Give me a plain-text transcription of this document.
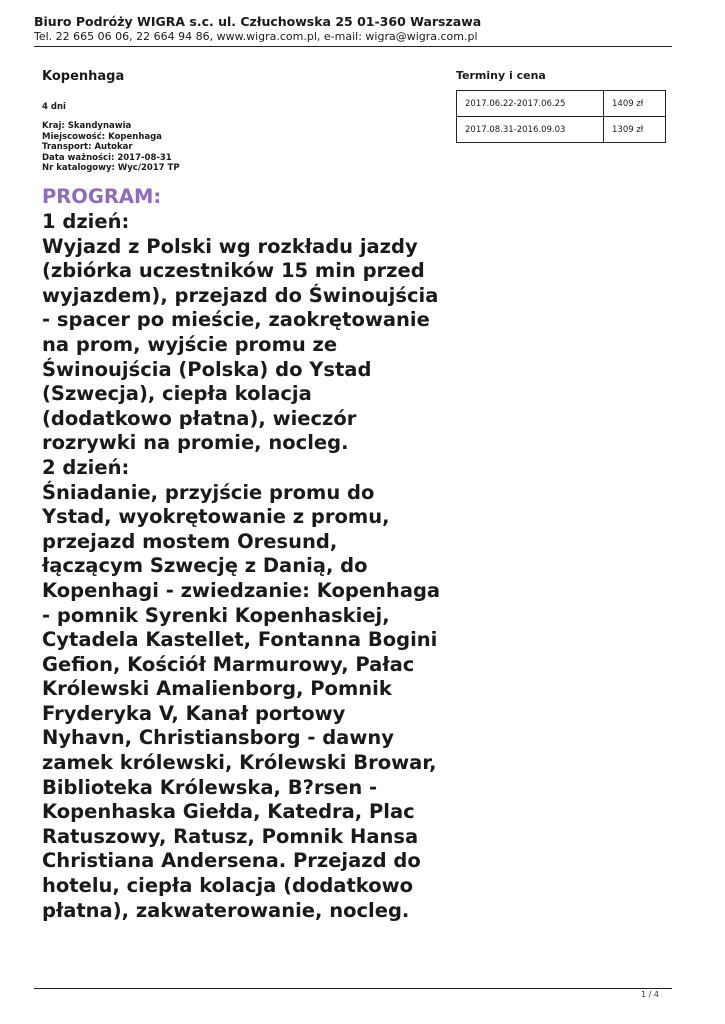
Biuro Podróży WIGRA s.c. ul. Człuchowska 25 01-360 Warszawa
Tel. 22 665 06 06, 22 664 94 86, www.wigra.com.pl, e-mail: wigra@wigra.com.pl
Kopenhaga
4 dni
Kraj: Skandynawia
Miejscowość: Kopenhaga
Transport: Autokar
Data ważności: 2017-08-31
Nr katalogowy: Wyc/2017 TP
Terminy i cena
2017.06.22-2017.06.25	1409 zł
2017.08.31-2016.09.03	1309 zł
PROGRAM:
1 dzień:
Wyjazd z Polski wg rozkładu jazdy
(zbiórka uczestników 15 min przed
wyjazdem), przejazd do Świnoujścia
- spacer po mieście, zaokrętowanie
na prom, wyjście promu ze
Świnoujścia (Polska) do Ystad
(Szwecja), ciepła kolacja
(dodatkowo płatna), wieczór
rozrywki na promie, nocleg.
2 dzień:
Śniadanie, przyjście promu do
Ystad, wyokrętowanie z promu,
przejazd mostem Oresund,
łączącym Szwecję z Danią, do
Kopenhagi - zwiedzanie: Kopenhaga
- pomnik Syrenki Kopenhaskiej,
Cytadela Kastellet, Fontanna Bogini
Gefion, Kościół Marmurowy, Pałac
Królewski Amalienborg, Pomnik
Fryderyka V, Kanał portowy
Nyhavn, Christiansborg - dawny
zamek królewski, Królewski Browar,
Biblioteka Królewska, B?rsen -
Kopenhaska Giełda, Katedra, Plac
Ratuszowy, Ratusz, Pomnik Hansa
Christiana Andersena. Przejazd do
hotelu, ciepła kolacja (dodatkowo
płatna), zakwaterowanie, nocleg.
1 / 4
